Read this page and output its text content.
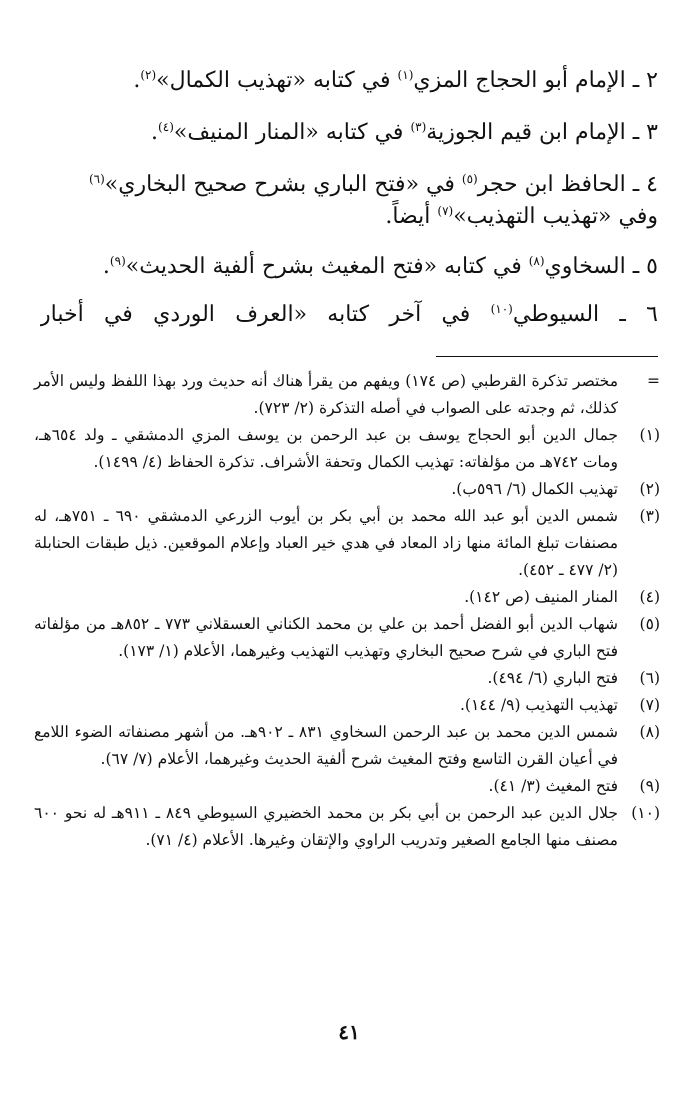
٢ ـ الإمام أبو الحجاج المزي$^{(١)}$ في كتابه «تهذيب الكمال»$^{(٢)}$.
٣ ـ الإمام ابن قيم الجوزية$^{(٣)}$ في كتابه «المنار المنيف»$^{(٤)}$.
٤ ـ الحافظ ابن حجر$^{(٥)}$ في «فتح الباري بشرح صحيح البخاري»$^{(٦)}$
وفي «تهذيب التهذيب»$^{(٧)}$ أيضاً.
٥ ـ السخاوي$^{(٨)}$ في كتابه «فتح المغيث بشرح ألفية الحديث»$^{(٩)}$.
٦ ـ السيوطي$^{(١٠)}$ في آخر كتابه «العرف الوردي في أخبار
=
مختصر تذكرة القرطبي (ص ١٧٤) ويفهم من يقرأ هناك أنه حديث ورد بهذا اللفظ وليس الأمر كذلك، ثم وجدته على الصواب في أصله التذكرة (٢/ ٧٢٣).
(١)
جمال الدين أبو الحجاج يوسف بن عبد الرحمن بن يوسف المزي الدمشقي ـ ولد ٦٥٤هـ، ومات ٧٤٢هـ من مؤلفاته: تهذيب الكمال وتحفة الأشراف. تذكرة الحفاظ (٤/ ١٤٩٩).
(٢)
تهذيب الكمال (٦/ ٥٩٦ب).
(٣)
شمس الدين أبو عبد الله محمد بن أبي بكر بن أيوب الزرعي الدمشقي ٦٩٠ ـ ٧٥١هـ، له مصنفات تبلغ المائة منها زاد المعاد في هدي خير العباد وإعلام الموقعين. ذيل طبقات الحنابلة (٢/ ٤٧٧ ـ ٤٥٢).
(٤)
المنار المنيف (ص ١٤٢).
(٥)
شهاب الدين أبو الفضل أحمد بن علي بن محمد الكناني العسقلاني ٧٧٣ ـ ٨٥٢هـ من مؤلفاته فتح الباري في شرح صحيح البخاري وتهذيب التهذيب وغيرهما، الأعلام (١/ ١٧٣).
(٦)
فتح الباري (٦/ ٤٩٤).
(٧)
تهذيب التهذيب (٩/ ١٤٤).
(٨)
شمس الدين محمد بن عبد الرحمن السخاوي ٨٣١ ـ ٩٠٢هـ. من أشهر مصنفاته الضوء اللامع في أعيان القرن التاسع وفتح المغيث شرح ألفية الحديث وغيرهما، الأعلام (٧/ ٦٧).
(٩)
فتح المغيث (٣/ ٤١).
(١٠)
جلال الدين عبد الرحمن بن أبي بكر بن محمد الخضيري السيوطي ٨٤٩ ـ ٩١١هـ له نحو ٦٠٠ مصنف منها الجامع الصغير وتدريب الراوي والإتقان وغيرها. الأعلام (٤/ ٧١).
٤١
